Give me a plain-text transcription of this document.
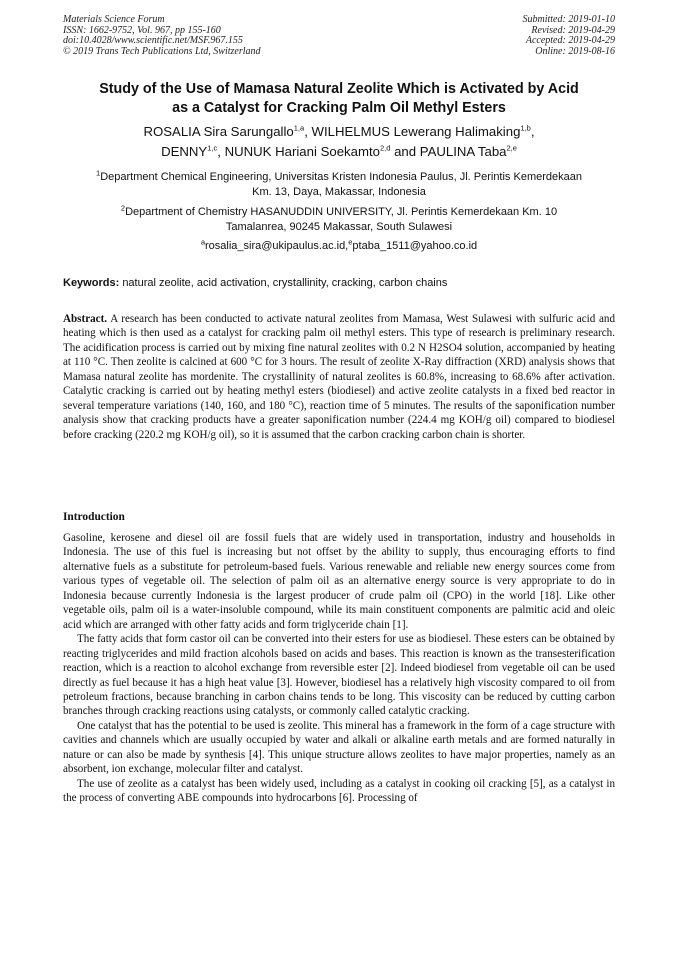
Materials Science Forum
ISSN: 1662-9752, Vol. 967, pp 155-160
doi:10.4028/www.scientific.net/MSF.967.155
© 2019 Trans Tech Publications Ltd, Switzerland
Submitted: 2019-01-10
Revised: 2019-04-29
Accepted: 2019-04-29
Online: 2019-08-16
Study of the Use of Mamasa Natural Zeolite Which is Activated by Acid
as a Catalyst for Cracking Palm Oil Methyl Esters
ROSALIA Sira Sarungallo$^{1,a}$, WILHELMUS Lewerang Halimaking$^{1,b}$,
DENNY$^{1,c}$, NUNUK Hariani Soekamto$^{2,d}$ and PAULINA Taba$^{2,e}$
$^1$Department Chemical Engineering, Universitas Kristen Indonesia Paulus, Jl. Perintis Kemerdekaan
Km. 13, Daya, Makassar, Indonesia
$^2$Department of Chemistry HASANUDDIN UNIVERSITY, Jl. Perintis Kemerdekaan Km. 10
Tamalanrea, 90245 Makassar, South Sulawesi
$^a$rosalia_sira@ukipaulus.ac.id,$^e$ptaba_1511@yahoo.co.id
Keywords: natural zeolite, acid activation, crystallinity, cracking, carbon chains
Abstract. A research has been conducted to activate natural zeolites from Mamasa, West Sulawesi with sulfuric acid and heating which is then used as a catalyst for cracking palm oil methyl esters. This type of research is preliminary research. The acidification process is carried out by mixing fine natural zeolites with 0.2 N H2SO4 solution, accompanied by heating at 110 °C. Then zeolite is calcined at 600 °C for 3 hours. The result of zeolite X-Ray diffraction (XRD) analysis shows that Mamasa natural zeolite has mordenite. The crystallinity of natural zeolites is 60.8%, increasing to 68.6% after activation. Catalytic cracking is carried out by heating methyl esters (biodiesel) and active zeolite catalysts in a fixed bed reactor in several temperature variations (140, 160, and 180 °C), reaction time of 5 minutes. The results of the saponification number analysis show that cracking products have a greater saponification number (224.4 mg KOH/g oil) compared to biodiesel before cracking (220.2 mg KOH/g oil), so it is assumed that the carbon cracking carbon chain is shorter.
Introduction

Gasoline, kerosene and diesel oil are fossil fuels that are widely used in transportation, industry and households in Indonesia. The use of this fuel is increasing but not offset by the ability to supply, thus encouraging efforts to find alternative fuels as a substitute for petroleum-based fuels. Various renewable and reliable new energy sources come from various types of vegetable oil. The selection of palm oil as an alternative energy source is very appropriate to do in Indonesia because currently Indonesia is the largest producer of crude palm oil (CPO) in the world [18]. Like other vegetable oils, palm oil is a water-insoluble compound, while its main constituent components are palmitic acid and oleic acid which are arranged with other fatty acids and form triglyceride chain [1].

The fatty acids that form castor oil can be converted into their esters for use as biodiesel. These esters can be obtained by reacting triglycerides and mild fraction alcohols based on acids and bases. This reaction is known as the transesterification reaction, which is a reaction to alcohol exchange from reversible ester [2]. Indeed biodiesel from vegetable oil can be used directly as fuel because it has a high heat value [3]. However, biodiesel has a relatively high viscosity compared to oil from petroleum fractions, because branching in carbon chains tends to be long. This viscosity can be reduced by cutting carbon branches through cracking reactions using catalysts, or commonly called catalytic cracking.

One catalyst that has the potential to be used is zeolite. This mineral has a framework in the form of a cage structure with cavities and channels which are usually occupied by water and alkali or alkaline earth metals and are formed naturally in nature or can also be made by synthesis [4]. This unique structure allows zeolites to have major properties, namely as an absorbent, ion exchange, molecular filter and catalyst.

The use of zeolite as a catalyst has been widely used, including as a catalyst in cooking oil cracking [5], as a catalyst in the process of converting ABE compounds into hydrocarbons [6]. Processing of
